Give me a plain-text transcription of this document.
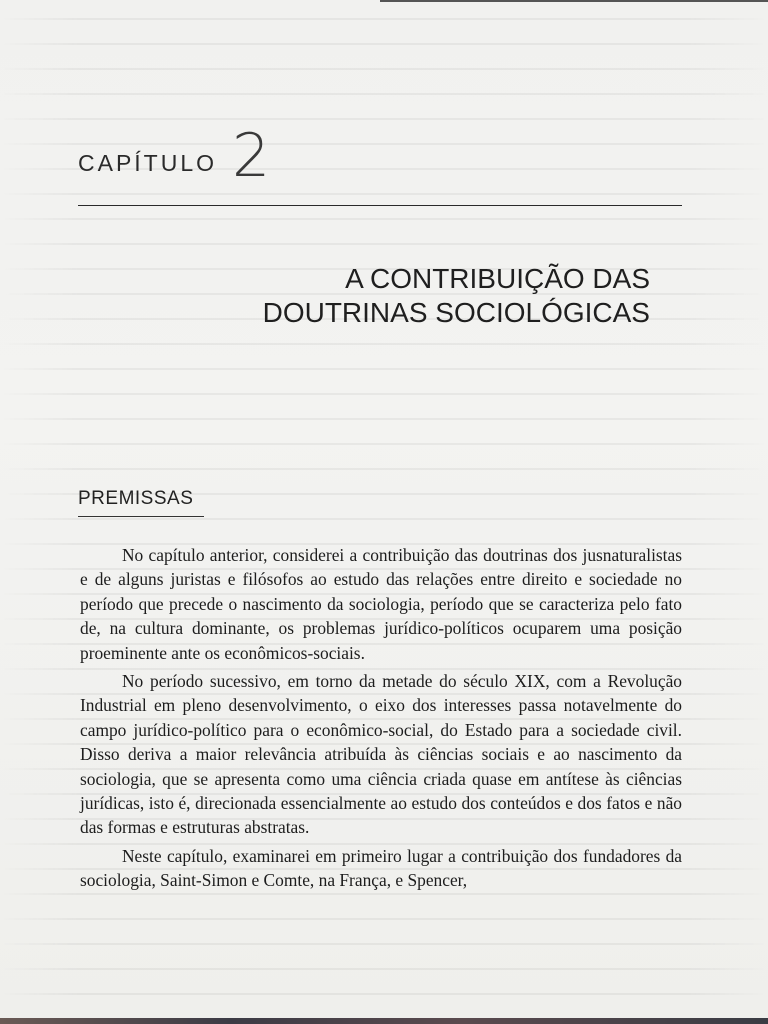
CAPÍTULO 2
A CONTRIBUIÇÃO DAS
DOUTRINAS SOCIOLÓGICAS
PREMISSAS

No capítulo anterior, considerei a contribuição das doutrinas dos jusnaturalistas e de alguns juristas e filósofos ao estudo das relações entre direito e sociedade no período que precede o nascimento da sociologia, período que se caracteriza pelo fato de, na cultura dominante, os problemas jurídico-políticos ocuparem uma posição proeminente ante os econômicos-sociais.

No período sucessivo, em torno da metade do século XIX, com a Revolução Industrial em pleno desenvolvimento, o eixo dos interesses passa notavelmente do campo jurídico-político para o econômico-social, do Estado para a sociedade civil. Disso deriva a maior relevância atribuída às ciências sociais e ao nascimento da sociologia, que se apresenta como uma ciência criada quase em antítese às ciências jurídicas, isto é, direcionada essencialmente ao estudo dos conteúdos e dos fatos e não das formas e estruturas abstratas.

Neste capítulo, examinarei em primeiro lugar a contribuição dos fundadores da sociologia, Saint-Simon e Comte, na França, e Spencer,
